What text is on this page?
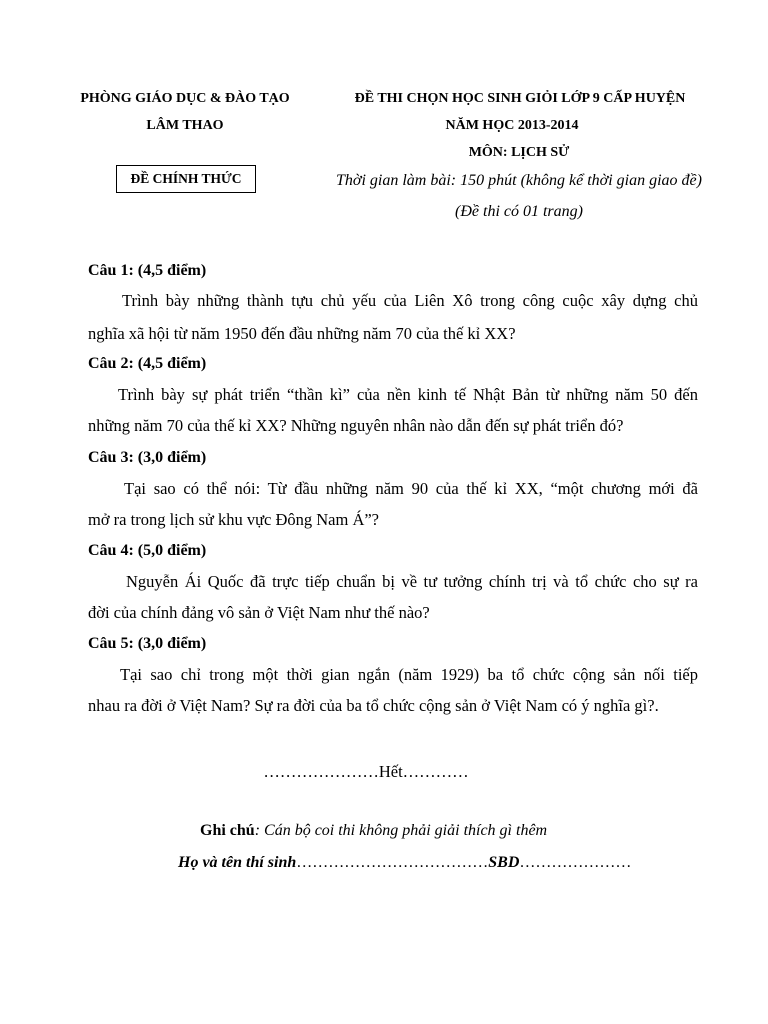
PHÒNG GIÁO DỤC & ĐÀO TẠO
LÂM THAO
ĐỀ CHÍNH THỨC
ĐỀ THI CHỌN HỌC SINH GIỎI LỚP 9 CẤP HUYỆN
NĂM HỌC 2013-2014
MÔN: LỊCH SỬ
Thời gian làm bài: 150 phút (không kể thời gian giao đề)
(Đề thi có 01 trang)
Câu 1: (4,5 điểm)
Trình bày những thành tựu chủ yếu của Liên Xô trong công cuộc xây dựng chủ
nghĩa xã hội từ năm 1950 đến đầu những năm 70 của thế kỉ XX?
Câu 2: (4,5 điểm)
Trình bày sự phát triển “thần kì” của nền kinh tế Nhật Bản từ những năm 50 đến
những năm 70 của thế kỉ XX? Những nguyên nhân nào dẫn đến sự phát triển đó?
Câu 3: (3,0 điểm)
Tại sao có thể nói: Từ đầu những năm 90 của thế kỉ XX, “một chương mới đã
mở ra trong lịch sử khu vực Đông Nam Á”?
Câu 4: (5,0 điểm)
Nguyễn Ái Quốc đã trực tiếp chuẩn bị về tư tưởng chính trị và tổ chức cho sự ra
đời của chính đảng vô sản ở Việt Nam như thế nào?
Câu 5: (3,0 điểm)
Tại sao chỉ trong một thời gian ngắn (năm 1929) ba tổ chức cộng sản nối tiếp
nhau ra đời ở Việt Nam? Sự ra đời của ba tổ chức cộng sản ở Việt Nam có ý nghĩa gì?.
…………………Hết…………
Ghi chú: Cán bộ coi thi không phải giải thích gì thêm
Họ và tên thí sinh………………………………SBD…………………
